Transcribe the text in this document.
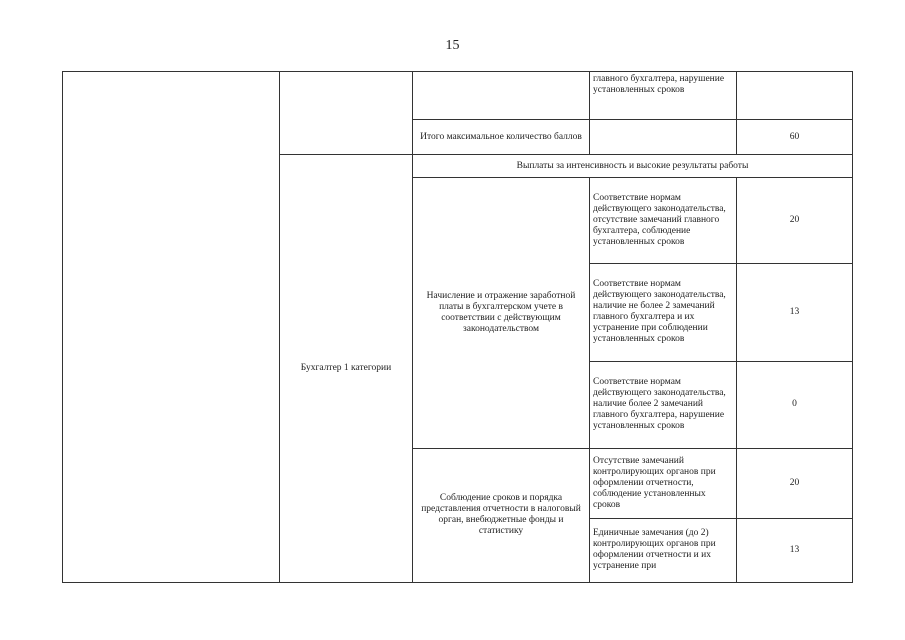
15
			главного бухгалтера, нарушение установленных сроков	
		Итого максимальное количество баллов		60
	Бухгалтер 1 категории	Выплаты за интенсивность и высокие результаты работы		
		Начисление и отражение заработной платы в бухгалтерском учете в соответствии с действующим законодательством	Соответствие нормам действующего законодательства, отсутствие замечаний главного бухгалтера, соблюдение установленных сроков	20
			Соответствие нормам действующего законодательства, наличие не более 2 замечаний главного бухгалтера и их устранение при соблюдении установленных сроков	13
			Соответствие нормам действующего законодательства, наличие более 2 замечаний главного бухгалтера, нарушение установленных сроков	0
		Соблюдение сроков и порядка представления отчетности в налоговый орган, внебюджетные фонды и статистику	Отсутствие замечаний контролирующих органов при оформлении отчетности, соблюдение установленных сроков	20
			Единичные замечания (до 2) контролирующих органов при оформлении отчетности и их устранение при	13
